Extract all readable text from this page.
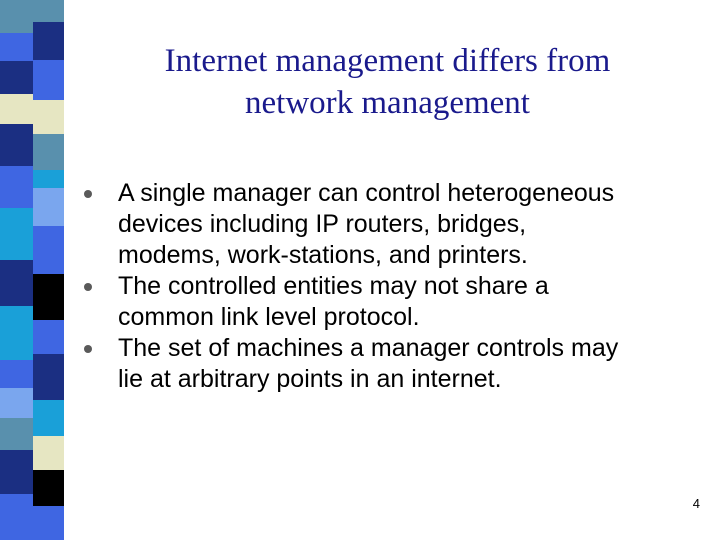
Internet management differs from
network management
A single manager can control heterogeneous
devices including IP routers, bridges,
modems, work-stations, and printers.
The controlled entities may not share a
common link level protocol.
The set of machines a manager controls may
lie at arbitrary points in an internet.
4
